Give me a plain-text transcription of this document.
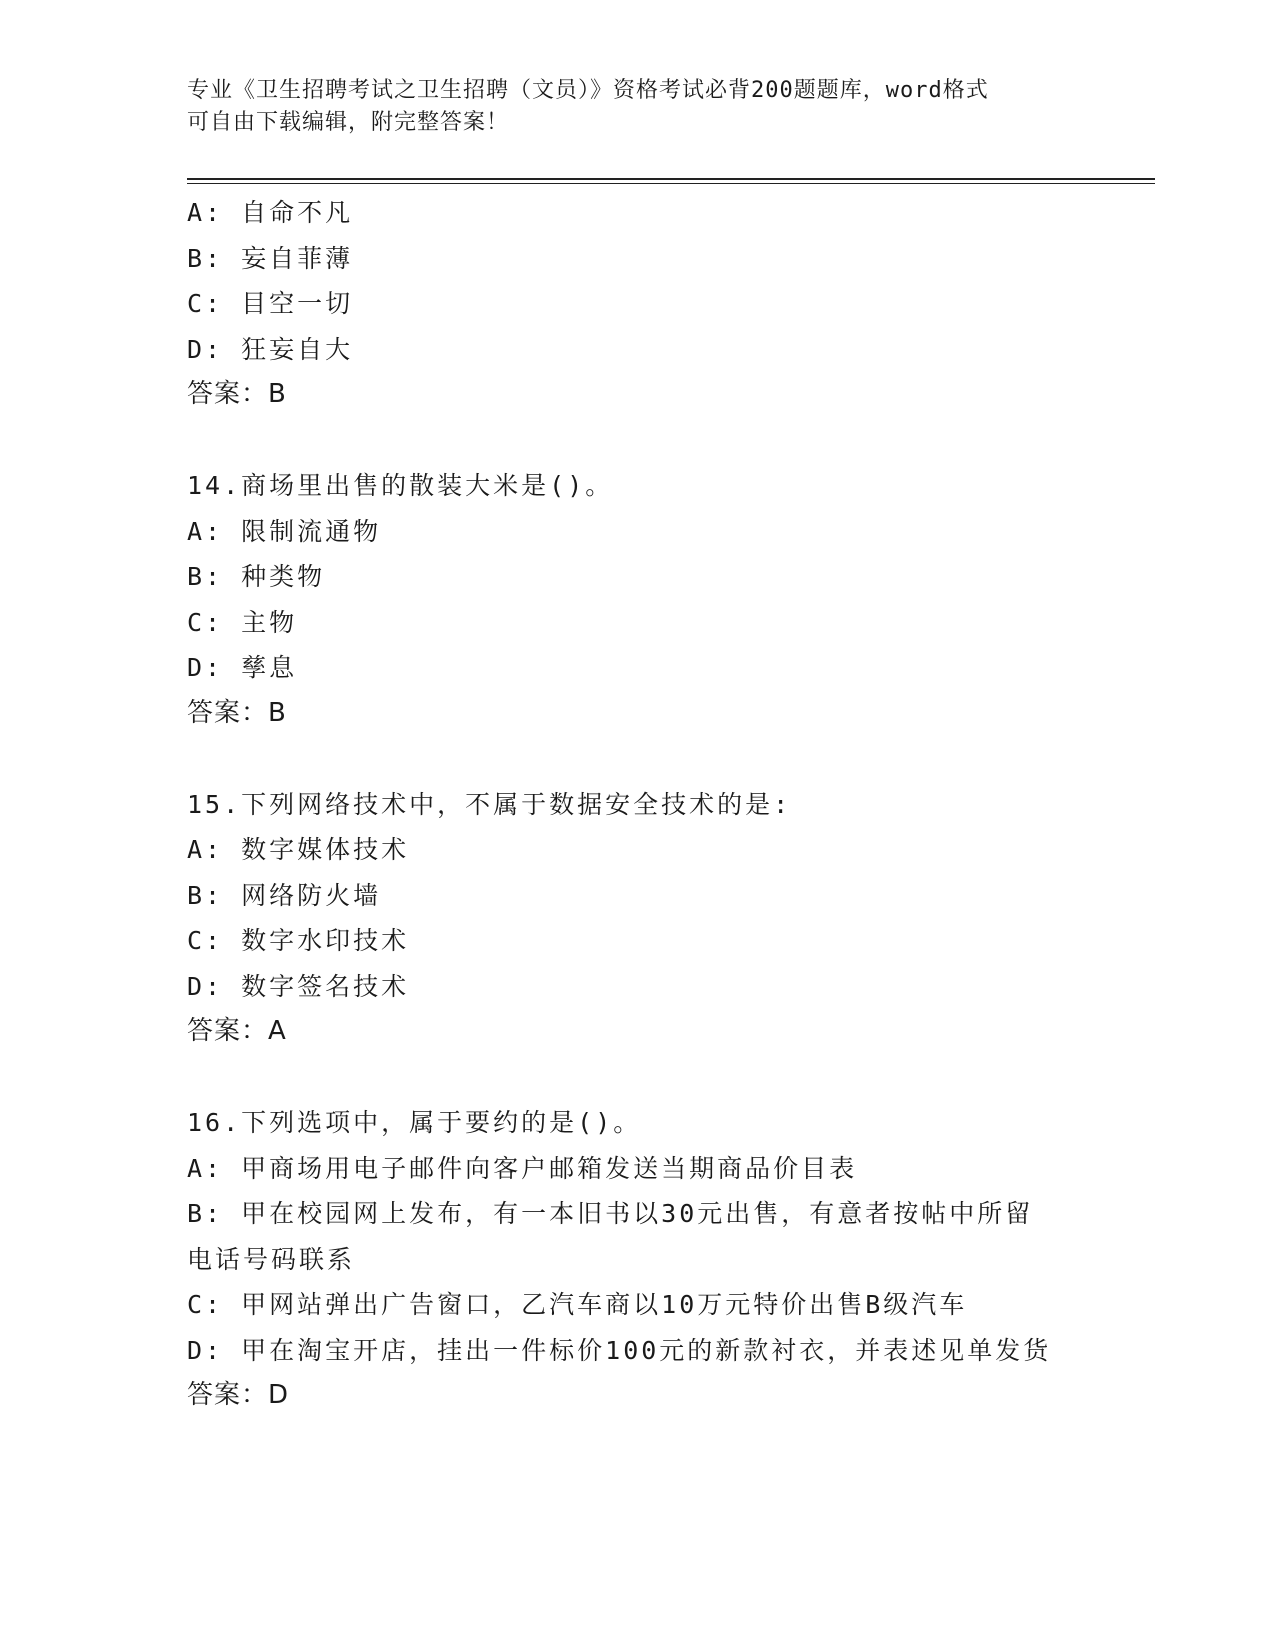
专业《卫生招聘考试之卫生招聘（文员）》资格考试必背200题题库，word格式
可自由下载编辑，附完整答案！
A: 自命不凡
B: 妄自菲薄
C: 目空一切
D: 狂妄自大
答案：B
14.商场里出售的散装大米是()。
A: 限制流通物
B: 种类物
C: 主物
D: 孳息
答案：B
15.下列网络技术中，不属于数据安全技术的是:
A: 数字媒体技术
B: 网络防火墙
C: 数字水印技术
D: 数字签名技术
答案：A
16.下列选项中，属于要约的是()。
A: 甲商场用电子邮件向客户邮箱发送当期商品价目表
B: 甲在校园网上发布，有一本旧书以30元出售，有意者按帖中所留
电话号码联系
C: 甲网站弹出广告窗口，乙汽车商以10万元特价出售B级汽车
D: 甲在淘宝开店，挂出一件标价100元的新款衬衣，并表述见单发货
答案：D
